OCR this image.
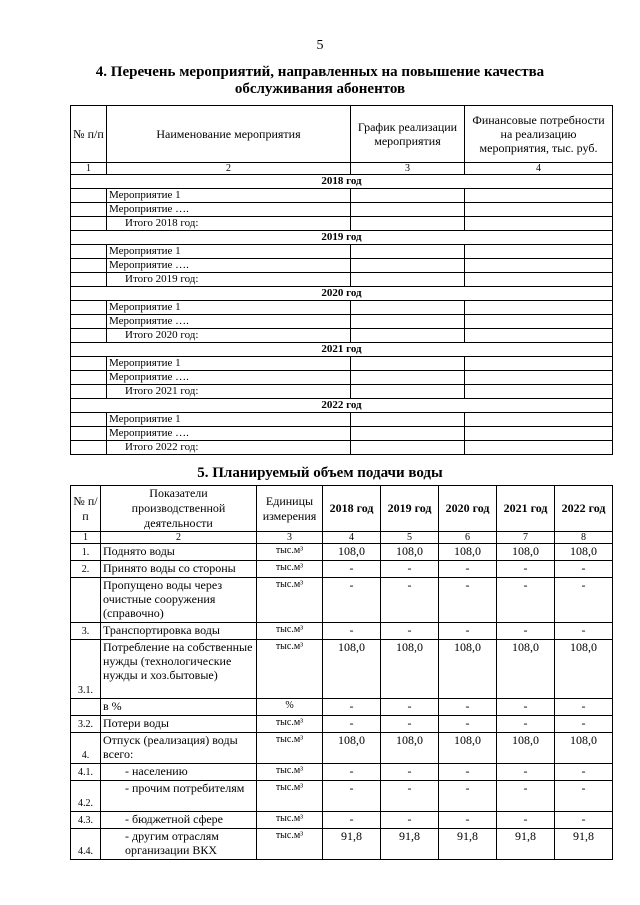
5
4. Перечень мероприятий, направленных на повышение качества
обслуживания абонентов
№ п/п	Наименование мероприятия	График реализации мероприятия	Финансовые потребности на реализацию мероприятия, тыс. руб.
1	2	3	4
2018 год			
	Мероприятие 1		
	Мероприятие ….		
	Итого 2018 год:		
2019 год			
	Мероприятие 1		
	Мероприятие ….		
	Итого 2019 год:		
2020 год			
	Мероприятие 1		
	Мероприятие ….		
	Итого 2020 год:		
2021 год			
	Мероприятие 1		
	Мероприятие ….		
	Итого 2021 год:		
2022 год			
	Мероприятие 1		
	Мероприятие ….		
	Итого 2022 год:		
5. Планируемый объем подачи воды
№ п/п	Показатели производственной деятельности	Единицы измерения	2018 год	2019 год	2020 год	2021 год	2022 год
1	2	3	4	5	6	7	8
1.	Поднято воды	тыс.м³	108,0	108,0	108,0	108,0	108,0
2.	Принято воды со стороны	тыс.м³	-	-	-	-	-
	Пропущено воды через очистные сооружения (справочно)	тыс.м³	-	-	-	-	-
3.	Транспортировка воды	тыс.м³	-	-	-	-	-
3.1.	Потребление на собственные нужды (технологические нужды и хоз.бытовые)	тыс.м³	108,0	108,0	108,0	108,0	108,0
	в %	%	-	-	-	-	-
3.2.	Потери воды	тыс.м³	-	-	-	-	-
4.	Отпуск (реализация) воды всего:	тыс.м³	108,0	108,0	108,0	108,0	108,0
4.1.	- населению	тыс.м³	-	-	-	-	-
4.2.	- прочим потребителям	тыс.м³	-	-	-	-	-
4.3.	- бюджетной сфере	тыс.м³	-	-	-	-	-
4.4.	- другим отраслям организации ВКХ	тыс.м³	91,8	91,8	91,8	91,8	91,8
